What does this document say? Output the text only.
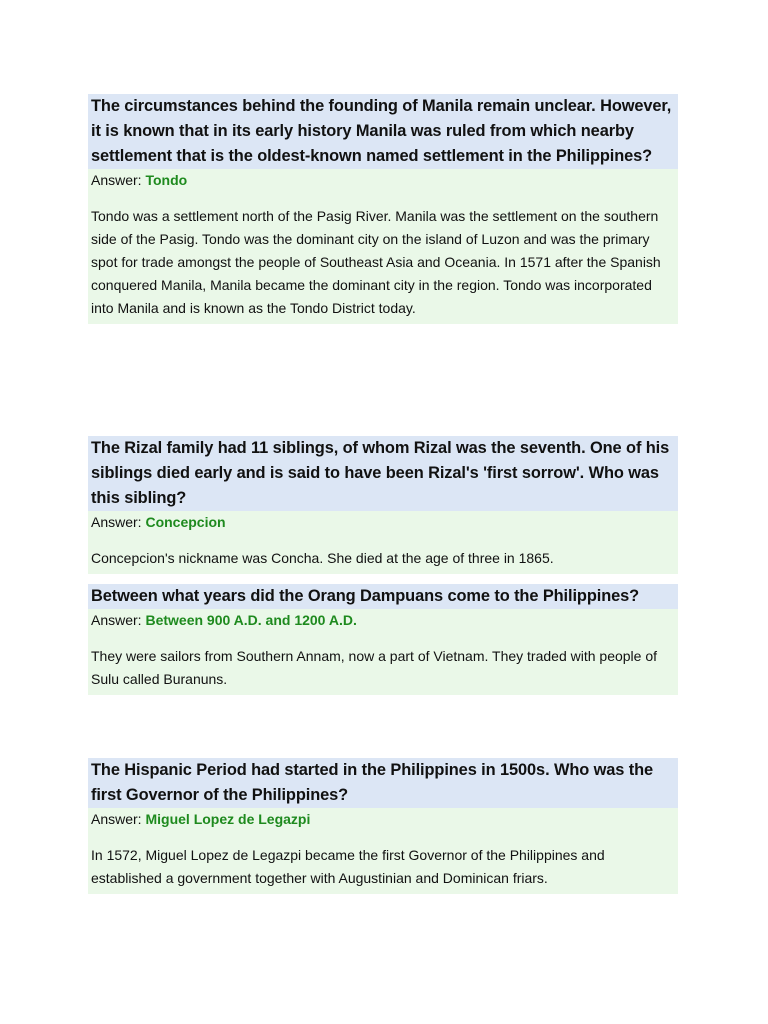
The circumstances behind the founding of Manila remain unclear. However, it is known that in its early history Manila was ruled from which nearby settlement that is the oldest-known named settlement in the Philippines?
Answer: Tondo
Tondo was a settlement north of the Pasig River. Manila was the settlement on the southern side of the Pasig. Tondo was the dominant city on the island of Luzon and was the primary spot for trade amongst the people of Southeast Asia and Oceania. In 1571 after the Spanish conquered Manila, Manila became the dominant city in the region. Tondo was incorporated into Manila and is known as the Tondo District today.
The Rizal family had 11 siblings, of whom Rizal was the seventh. One of his siblings died early and is said to have been Rizal's 'first sorrow'. Who was this sibling?
Answer: Concepcion
Concepcion's nickname was Concha. She died at the age of three in 1865.
Between what years did the Orang Dampuans come to the Philippines?
Answer: Between 900 A.D. and 1200 A.D.
They were sailors from Southern Annam, now a part of Vietnam. They traded with people of Sulu called Buranuns.
The Hispanic Period had started in the Philippines in 1500s. Who was the first Governor of the Philippines?
Answer: Miguel Lopez de Legazpi
In 1572, Miguel Lopez de Legazpi became the first Governor of the Philippines and established a government together with Augustinian and Dominican friars.
